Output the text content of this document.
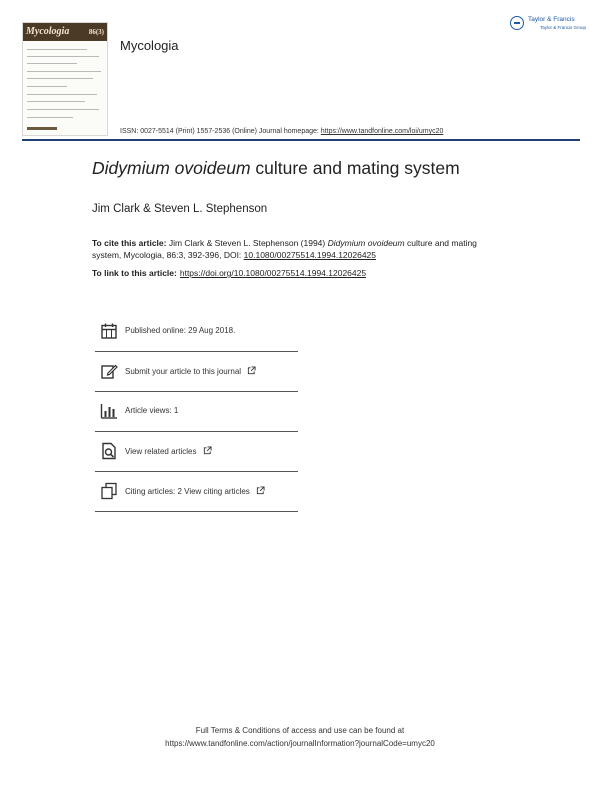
86(3)
Mycologia
Mycologia
Taylor & Francis
Taylor & Francis Group
ISSN: 0027-5514 (Print) 1557-2536 (Online) Journal homepage: https://www.tandfonline.com/loi/umyc20
Didymium ovoideum culture and mating system
Jim Clark & Steven L. Stephenson
To cite this article: Jim Clark & Steven L. Stephenson (1994) Didymium ovoideum culture and mating system, Mycologia, 86:3, 392-396, DOI: 10.1080/00275514.1994.12026425
To link to this article: https://doi.org/10.1080/00275514.1994.12026425
Published online: 29 Aug 2018.
Submit your article to this journal
Article views: 1
View related articles
Citing articles: 2 View citing articles
Full Terms & Conditions of access and use can be found at
https://www.tandfonline.com/action/journalInformation?journalCode=umyc20
